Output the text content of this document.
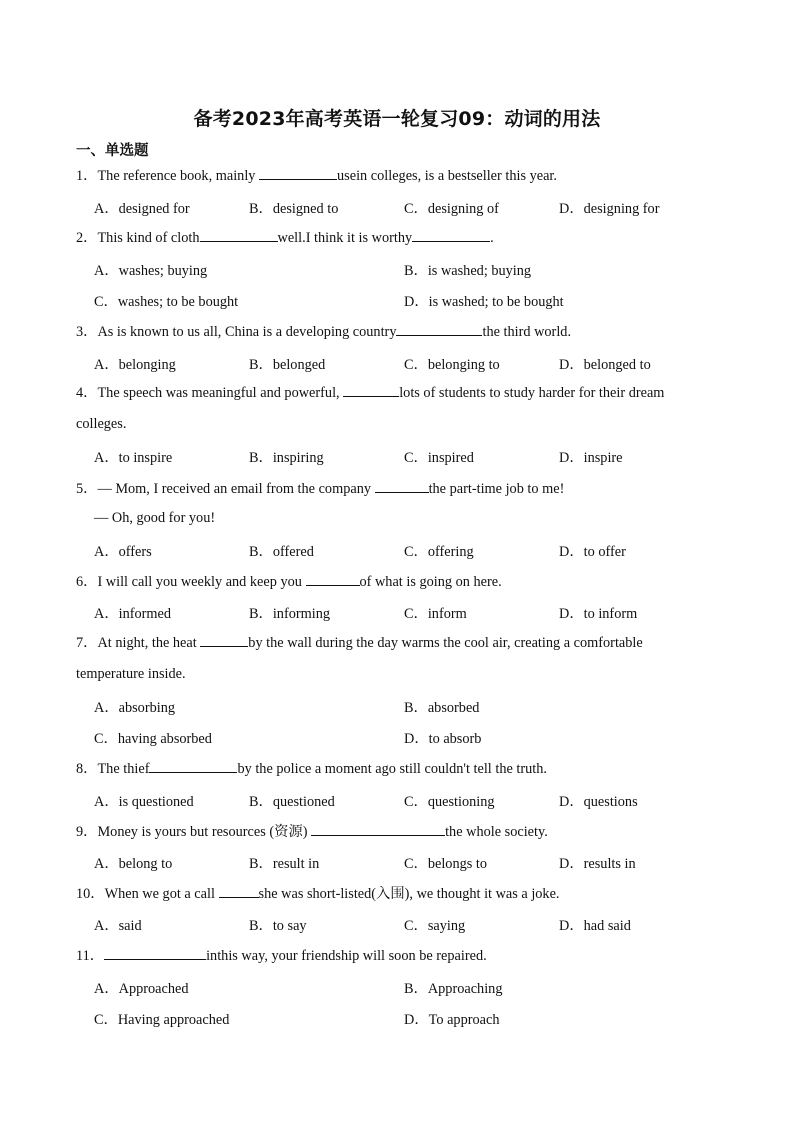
备考2023年高考英语一轮复习09：动词的用法
一、单选题
1．The reference book, mainly	usein colleges, is a bestseller this year.
A．designed for	B．designed to	C．designing of	D．designing for
2．This kind of cloth	well.I think it is worthy	.
A．washes; buying	B．is washed; buying
C．washes; to be bought	D．is washed; to be bought
3．As is known to us all, China is a developing country	the third world.
A．belonging	B．belonged	C．belonging to	D．belonged to
4．The speech was meaningful and powerful,	lots of students to study harder for their dream colleges.
A．to inspire	B．inspiring	C．inspired	D．inspire
5．— Mom, I received an email from the company	the part-time job to me!
— Oh, good for you!
A．offers	B．offered	C．offering	D．to offer
6．I will call you weekly and keep you	of what is going on here.
A．informed	B．informing	C．inform	D．to inform
7．At night, the heat	by the wall during the day warms the cool air, creating a comfortable temperature inside.
A．absorbing	B．absorbed
C．having absorbed	D．to absorb
8．The thief	by the police a moment ago still couldn't tell the truth.
A．is questioned	B．questioned	C．questioning	D．questions
9．Money is yours but resources (资源)	the whole society.
A．belong to	B．result in	C．belongs to	D．results in
10．When we got a call	she was short-listed(入围), we thought it was a joke.
A．said	B．to say	C．saying	D．had said
11．	inthis way, your friendship will soon be repaired.
A．Approached	B．Approaching
C．Having approached	D．To approach
